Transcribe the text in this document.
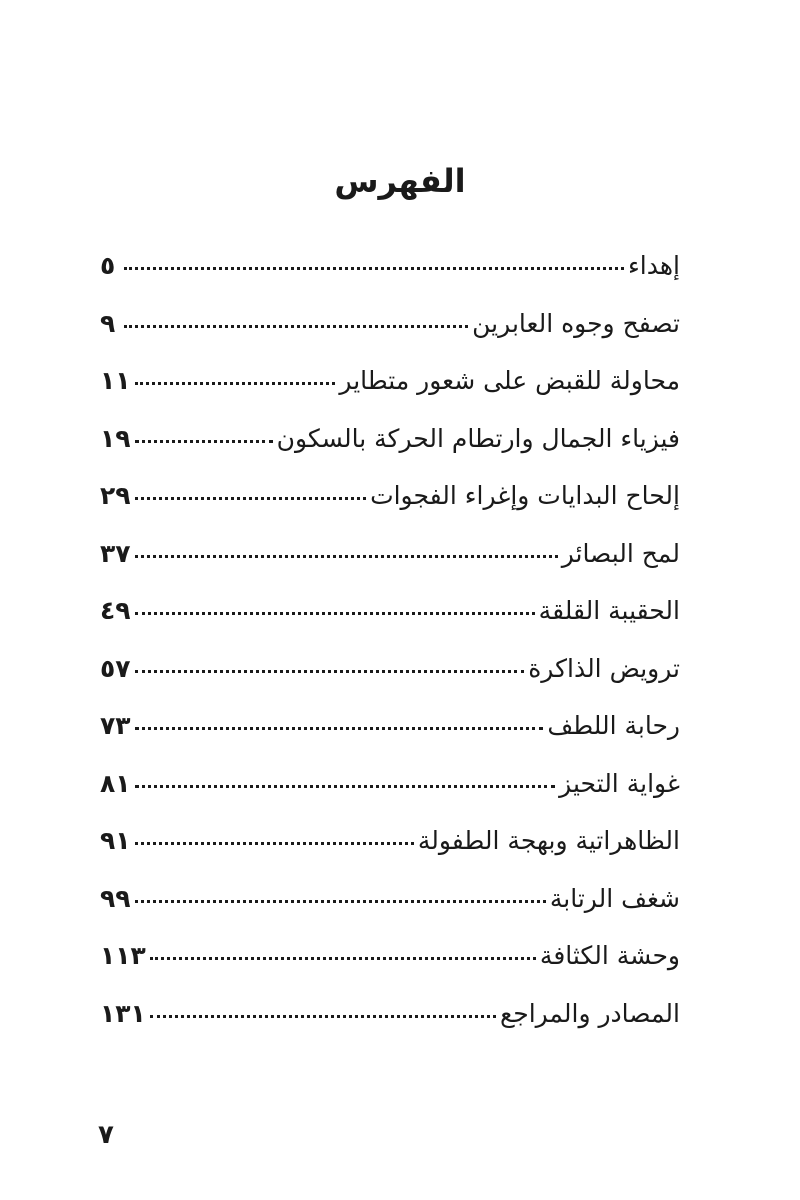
الفهرس
إهداء
٥
تصفح وجوه العابرين
٩
محاولة للقبض على شعور متطاير
١١
فيزياء الجمال وارتطام الحركة بالسكون
١٩
إلحاح البدايات وإغراء الفجوات
٢٩
لمح البصائر
٣٧
الحقيبة القلقة
٤٩
ترويض الذاكرة
٥٧
رحابة اللطف
٧٣
غواية التحيز
٨١
الظاهراتية وبهجة الطفولة
٩١
شغف الرتابة
٩٩
وحشة الكثافة
١١٣
المصادر والمراجع
١٣١
٧
